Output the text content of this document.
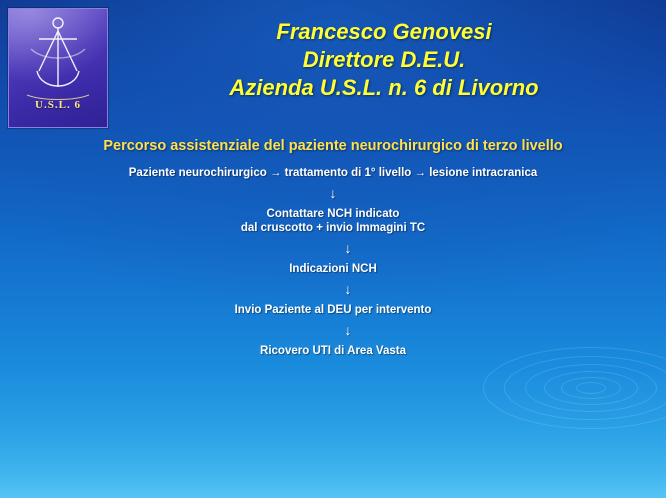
U.S.L. 6
Francesco Genovesi
Direttore D.E.U.
Azienda U.S.L. n. 6 di Livorno
Percorso assistenziale del paziente neurochirurgico di terzo livello
Paziente neurochirurgico → trattamento di 1° livello → lesione intracranica
↓
Contattare NCH indicato
dal cruscotto + invio Immagini TC
↓
Indicazioni NCH
↓
Invio Paziente al DEU per intervento
↓
Ricovero UTI di Area Vasta
